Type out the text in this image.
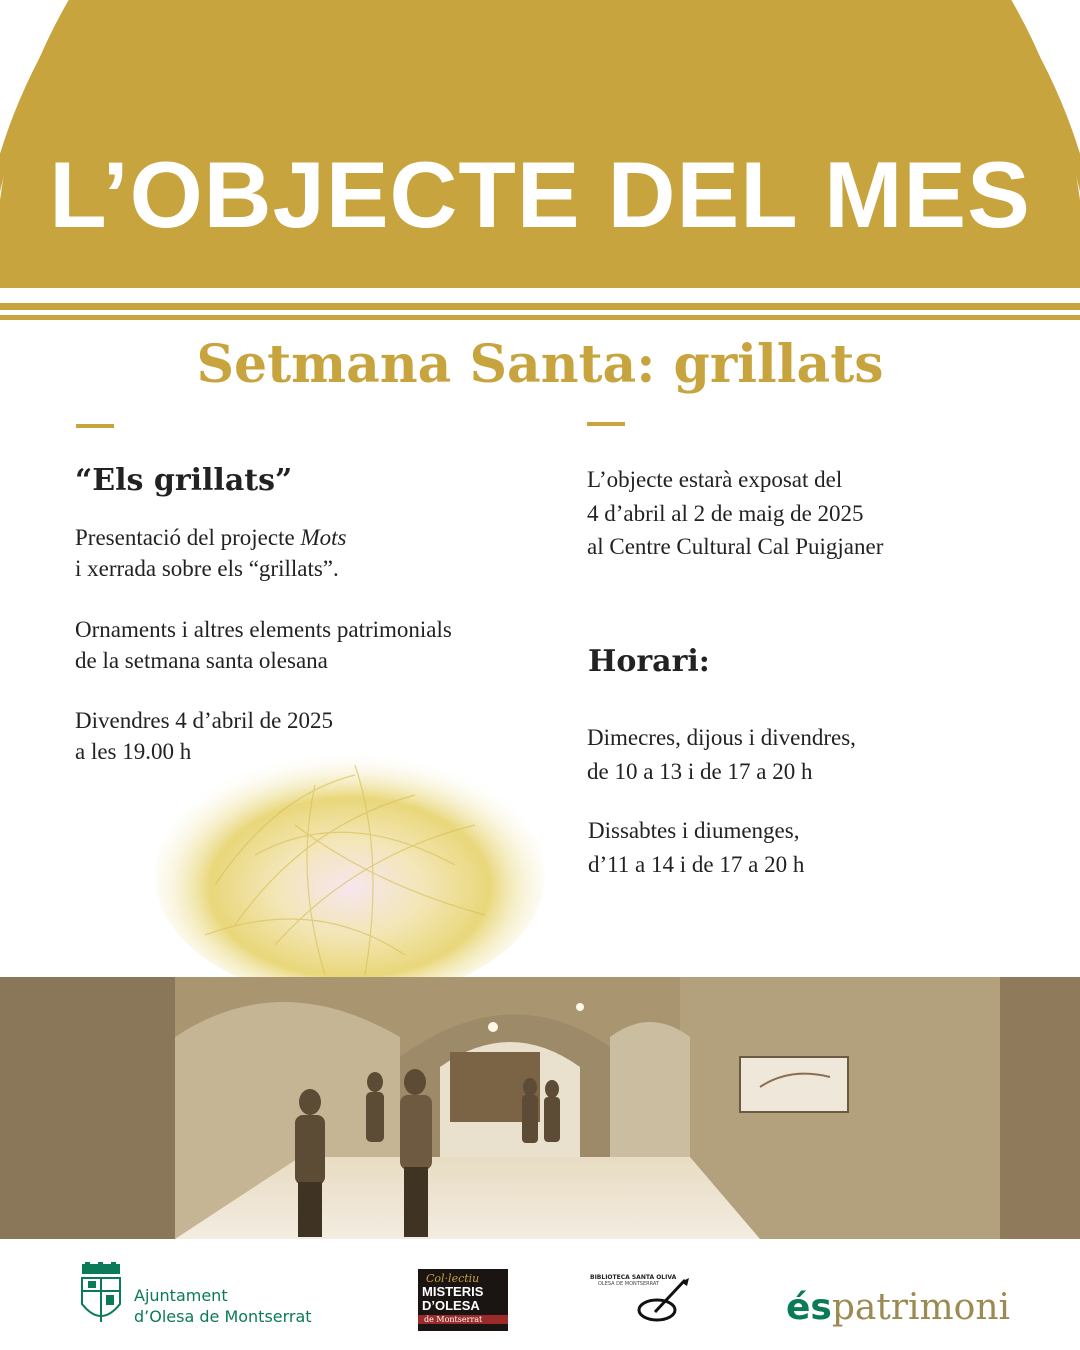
L’OBJECTE DEL MES
Setmana Santa: grillats
“Els grillats”

Presentació del projecte Mots

i xerrada sobre els “grillats”.

Ornaments i altres elements patrimonials

de la setmana santa olesana

Divendres 4 d’abril de 2025

a les 19.00 h

L’objecte estarà exposat del

4 d’abril al 2 de maig de 2025

al Centre Cultural Cal Puigjaner

Horari:

Dimecres, dijous i divendres,

de 10 a 13 i de 17 a 20 h

Dissabtes i diumenges,

d’11 a 14 i de 17 a 20 h

Ajuntament
d’Olesa de Montserrat
Col·lectiu
MISTERIS
D’OLESA
de Montserrat
BIBLIOTECA SANTA OLIVA
OLESA DE MONTSERRAT
éspatrimoni
